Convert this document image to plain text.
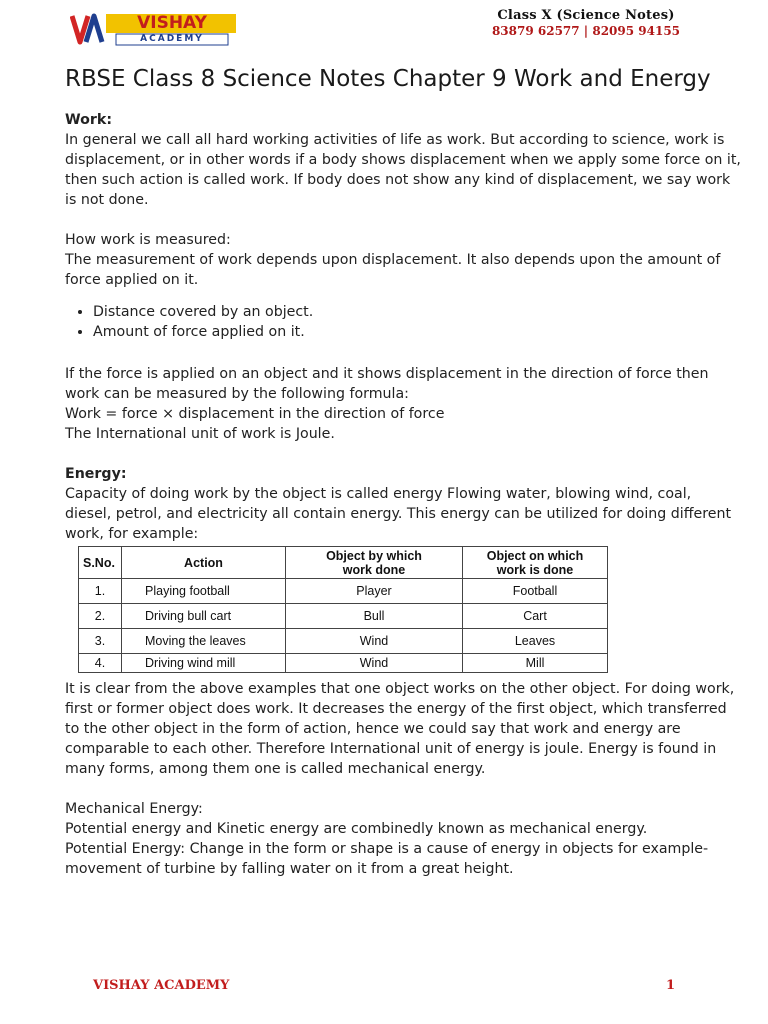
VISHAY
ACADEMY
Class X (Science Notes)
83879 62577 | 82095 94155
RBSE Class 8 Science Notes Chapter 9 Work and Energy

Work:

In general we call all hard working activities of life as work. But according to science, work is displacement, or in other words if a body shows displacement when we apply some force on it, then such action is called work. If body does not show any kind of displacement, we say work is not done.

How work is measured:

The measurement of work depends upon displacement. It also depends upon the amount of force applied on it.

• Distance covered by an object.
• Amount of force applied on it.

If the force is applied on an object and it shows displacement in the direction of force then work can be measured by the following formula:

Work = force × displacement in the direction of force

The International unit of work is Joule.

Energy:

Capacity of doing work by the object is called energy Flowing water, blowing wind, coal, diesel, petrol, and electricity all contain energy. This energy can be utilized for doing different work, for example:

S.No.	Action	Object by which work done	Object on which work is done
1.	Playing football	Player	Football
2.	Driving bull cart	Bull	Cart
3.	Moving the leaves	Wind	Leaves
4.	Driving wind mill	Wind	Mill

It is clear from the above examples that one object works on the other object. For doing work, first or former object does work. It decreases the energy of the first object, which transferred to the other object in the form of action, hence we could say that work and energy are comparable to each other. Therefore International unit of energy is joule. Energy is found in many forms, among them one is called mechanical energy.

Mechanical Energy:

Potential energy and Kinetic energy are combinedly known as mechanical energy.

Potential Energy: Change in the form or shape is a cause of energy in objects for example-movement of turbine by falling water on it from a great height.

VISHAY ACADEMY	1
